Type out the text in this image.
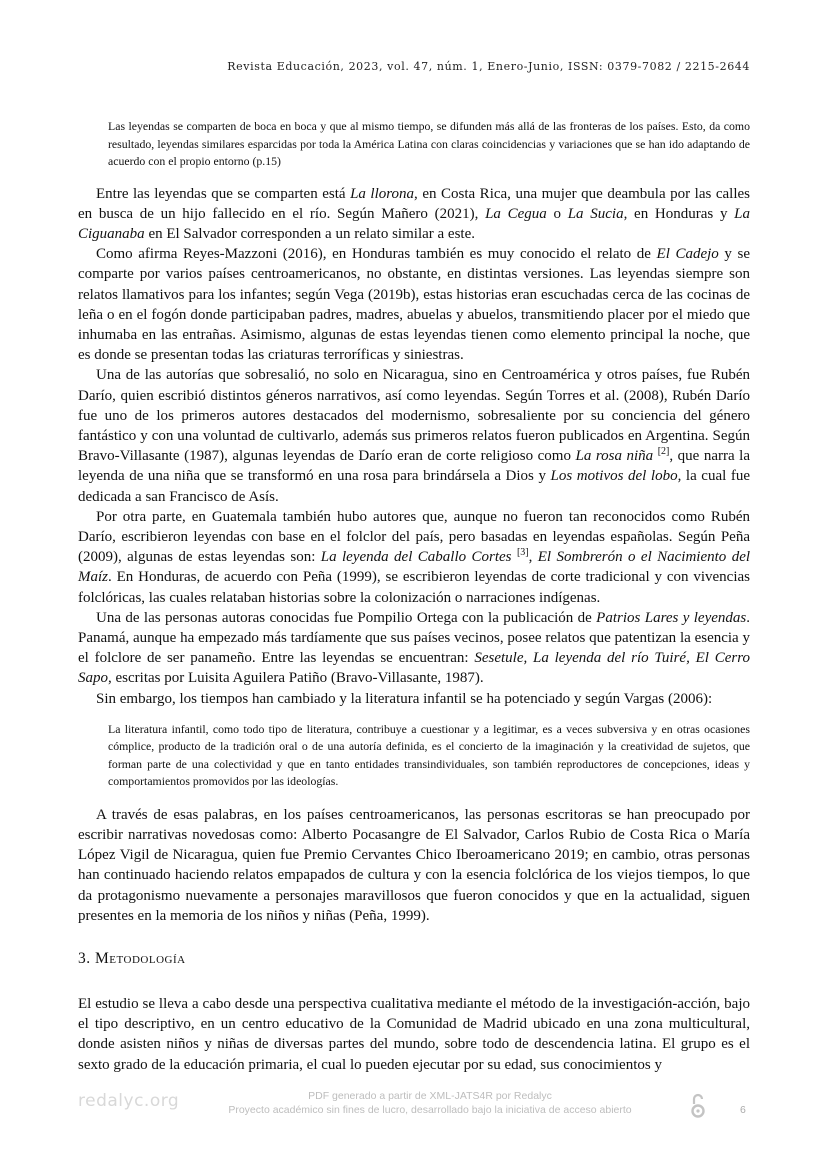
Revista Educación, 2023, vol. 47, núm. 1, Enero-Junio, ISSN: 0379-7082 / 2215-2644

Las leyendas se comparten de boca en boca y que al mismo tiempo, se difunden más allá de las fronteras de los países. Esto, da como resultado, leyendas similares esparcidas por toda la América Latina con claras coincidencias y variaciones que se han ido adaptando de acuerdo con el propio entorno (p.15)

Entre las leyendas que se comparten está La llorona, en Costa Rica, una mujer que deambula por las calles en busca de un hijo fallecido en el río. Según Mañero (2021), La Cegua o La Sucia, en Honduras y La Ciguanaba en El Salvador corresponden a un relato similar a este.

Como afirma Reyes-Mazzoni (2016), en Honduras también es muy conocido el relato de El Cadejo y se comparte por varios países centroamericanos, no obstante, en distintas versiones. Las leyendas siempre son relatos llamativos para los infantes; según Vega (2019b), estas historias eran escuchadas cerca de las cocinas de leña o en el fogón donde participaban padres, madres, abuelas y abuelos, transmitiendo placer por el miedo que inhumaba en las entrañas. Asimismo, algunas de estas leyendas tienen como elemento principal la noche, que es donde se presentan todas las criaturas terroríficas y siniestras.

Una de las autorías que sobresalió, no solo en Nicaragua, sino en Centroamérica y otros países, fue Rubén Darío, quien escribió distintos géneros narrativos, así como leyendas. Según Torres et al. (2008), Rubén Darío fue uno de los primeros autores destacados del modernismo, sobresaliente por su conciencia del género fantástico y con una voluntad de cultivarlo, además sus primeros relatos fueron publicados en Argentina. Según Bravo-Villasante (1987), algunas leyendas de Darío eran de corte religioso como La rosa niña [2], que narra la leyenda de una niña que se transformó en una rosa para brindársela a Dios y Los motivos del lobo, la cual fue dedicada a san Francisco de Asís.

Por otra parte, en Guatemala también hubo autores que, aunque no fueron tan reconocidos como Rubén Darío, escribieron leyendas con base en el folclor del país, pero basadas en leyendas españolas. Según Peña (2009), algunas de estas leyendas son: La leyenda del Caballo Cortes [3], El Sombrerón o el Nacimiento del Maíz. En Honduras, de acuerdo con Peña (1999), se escribieron leyendas de corte tradicional y con vivencias folclóricas, las cuales relataban historias sobre la colonización o narraciones indígenas.

Una de las personas autoras conocidas fue Pompilio Ortega con la publicación de Patrios Lares y leyendas. Panamá, aunque ha empezado más tardíamente que sus países vecinos, posee relatos que patentizan la esencia y el folclore de ser panameño. Entre las leyendas se encuentran: Sesetule, La leyenda del río Tuiré, El Cerro Sapo, escritas por Luisita Aguilera Patiño (Bravo-Villasante, 1987).

Sin embargo, los tiempos han cambiado y la literatura infantil se ha potenciado y según Vargas (2006):

La literatura infantil, como todo tipo de literatura, contribuye a cuestionar y a legitimar, es a veces subversiva y en otras ocasiones cómplice, producto de la tradición oral o de una autoría definida, es el concierto de la imaginación y la creatividad de sujetos, que forman parte de una colectividad y que en tanto entidades transindividuales, son también reproductores de concepciones, ideas y comportamientos promovidos por las ideologías.

A través de esas palabras, en los países centroamericanos, las personas escritoras se han preocupado por escribir narrativas novedosas como: Alberto Pocasangre de El Salvador, Carlos Rubio de Costa Rica o María López Vigil de Nicaragua, quien fue Premio Cervantes Chico Iberoamericano 2019; en cambio, otras personas han continuado haciendo relatos empapados de cultura y con la esencia folclórica de los viejos tiempos, lo que da protagonismo nuevamente a personajes maravillosos que fueron conocidos y que en la actualidad, siguen presentes en la memoria de los niños y niñas (Peña, 1999).

3. Metodología

El estudio se lleva a cabo desde una perspectiva cualitativa mediante el método de la investigación-acción, bajo el tipo descriptivo, en un centro educativo de la Comunidad de Madrid ubicado en una zona multicultural, donde asisten niños y niñas de diversas partes del mundo, sobre todo de descendencia latina. El grupo es el sexto grado de la educación primaria, el cual lo pueden ejecutar por su edad, sus conocimientos y

redalyc.org	PDF generado a partir de XML-JATS4R por Redalyc
Proyecto académico sin fines de lucro, desarrollado bajo la iniciativa de acceso abierto	6
